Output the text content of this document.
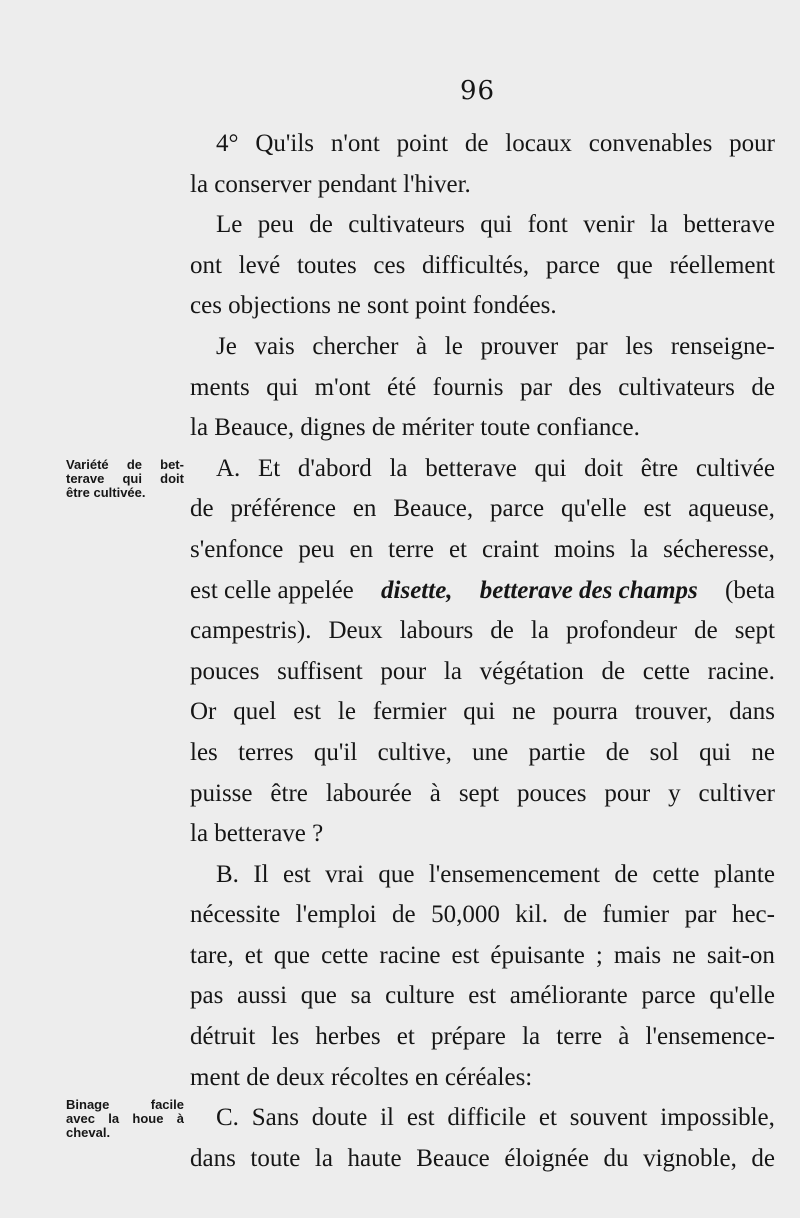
96
Variété de bet-
terave qui doit
être cultivée.
Binage	facile
avec la houe à
cheval.
4° Qu'ils n'ont point de locaux convenables pour
la conserver pendant l'hiver.
Le peu de cultivateurs qui font venir la betterave
ont levé toutes ces difficultés, parce que réellement
ces objections ne sont point fondées.
Je vais chercher à le prouver par les renseigne-
ments qui m'ont été fournis par des cultivateurs de
la Beauce, dignes de mériter toute confiance.
A. Et d'abord la betterave qui doit être cultivée
de préférence en Beauce, parce qu'elle est aqueuse,
s'enfonce peu en terre et craint moins la sécheresse,
est celle appelée disette, betterave des champs (beta
campestris). Deux labours de la profondeur de sept
pouces suffisent pour la végétation de cette racine.
Or quel est le fermier qui ne pourra trouver, dans
les terres qu'il cultive, une partie de sol qui ne
puisse être labourée à sept pouces pour y cultiver
la betterave ?
B. Il est vrai que l'ensemencement de cette plante
nécessite l'emploi de 50,000 kil. de fumier par hec-
tare, et que cette racine est épuisante ; mais ne sait-on
pas aussi que sa culture est améliorante parce qu'elle
détruit les herbes et prépare la terre à l'ensemence-
ment de deux récoltes en céréales:
C. Sans doute il est difficile et souvent impossible,
dans toute la haute Beauce éloignée du vignoble, de
